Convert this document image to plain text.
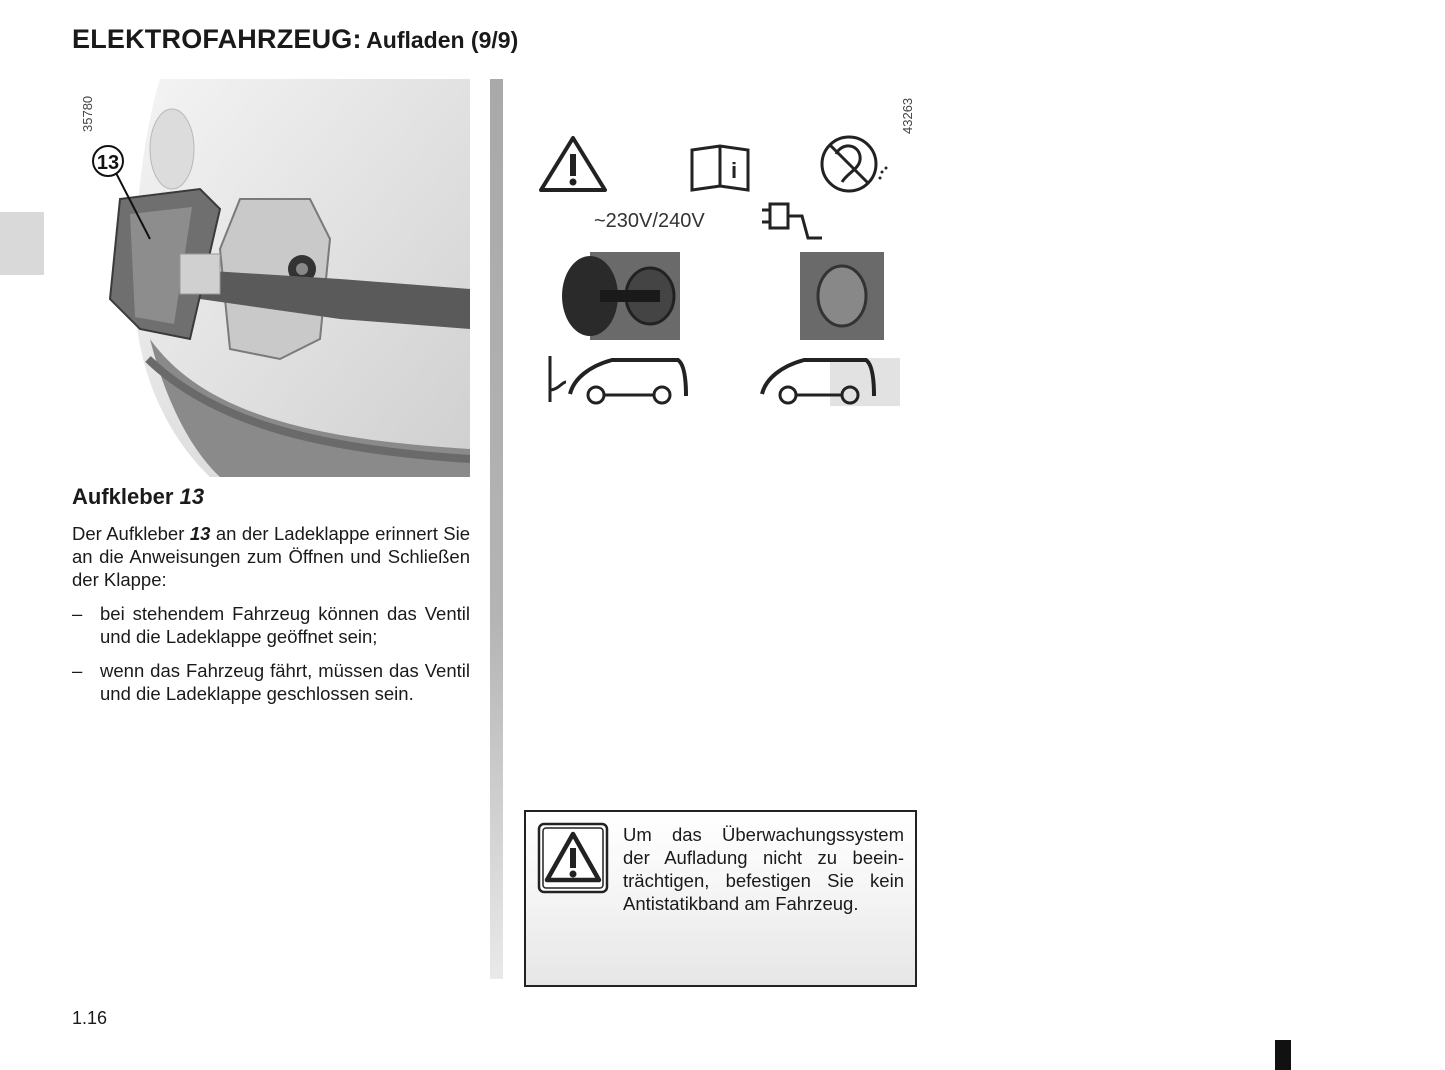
ELEKTROFAHRZEUG: Aufladen (9/9)
13
35780
i
~230V/240V
43263
Aufkleber 13
Der Aufkleber 13 an der Ladeklappe erinnert Sie an die Anweisungen zum Öffnen und Schließen der Klappe:
– bei stehendem Fahrzeug können das Ventil und die Ladeklappe geöffnet sein;
– wenn das Fahrzeug fährt, müssen das Ventil und die Ladeklappe geschlossen sein.
Um das Überwachungssystem der Aufladung nicht zu beeinträchtigen, befestigen Sie kein Antistatikband am Fahrzeug.
1.16
